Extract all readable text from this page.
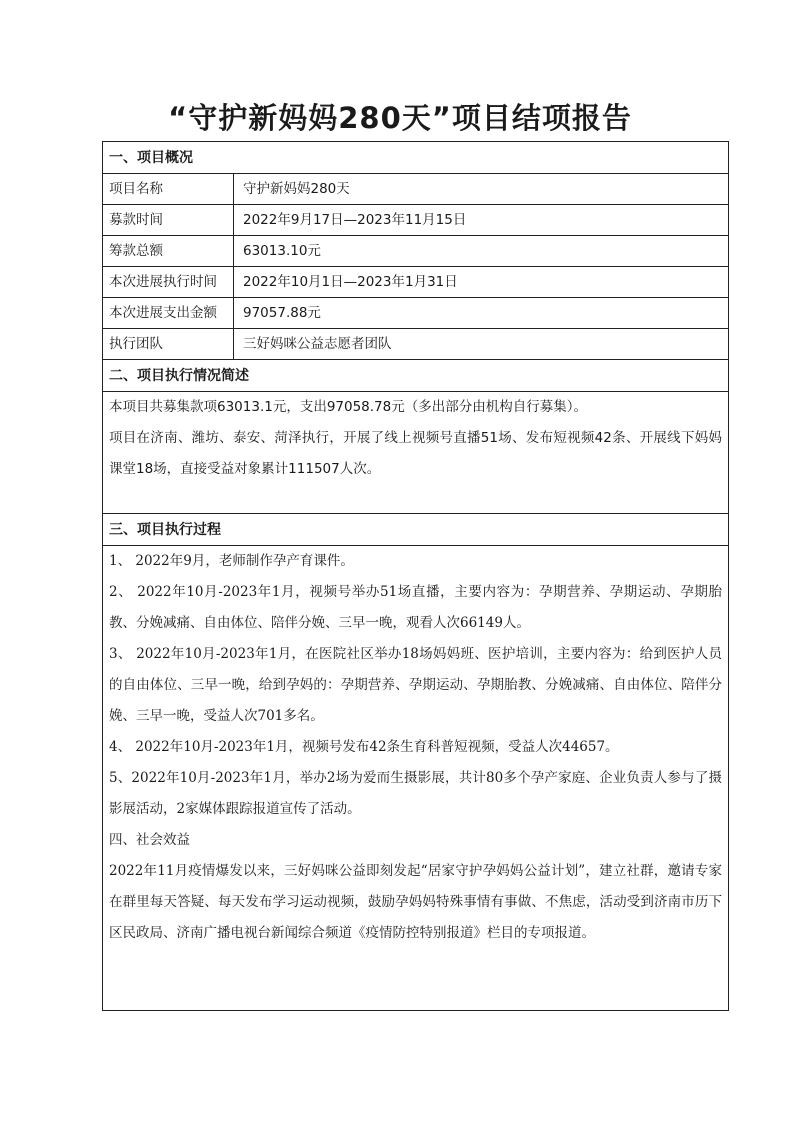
“守护新妈妈280天”项目结项报告
一、项目概况
项目名称	守护新妈妈280天
募款时间	2022年9月17日—2023年11月15日
筹款总额	63013.10元
本次进展执行时间	2022年10月1日—2023年1月31日
本次进展支出金额	97057.88元
执行团队	三好妈咪公益志愿者团队
二、项目执行情况简述

本项目共募集款项63013.1元，支出97058.78元（多出部分由机构自行募集）。

项目在济南、潍坊、泰安、菏泽执行，开展了线上视频号直播51场、发布短视频42条、开展线下妈妈课堂18场，直接受益对象累计111507人次。

三、项目执行过程

1、 2022年9月，老师制作孕产育课件。

2、 2022年10月-2023年1月，视频号举办51场直播，主要内容为：孕期营养、孕期运动、孕期胎教、分娩减痛、自由体位、陪伴分娩、三早一晚，观看人次66149人。

3、 2022年10月-2023年1月，在医院社区举办18场妈妈班、医护培训，主要内容为：给到医护人员的自由体位、三早一晚，给到孕妈的：孕期营养、孕期运动、孕期胎教、分娩减痛、自由体位、陪伴分娩、三早一晚，受益人次701多名。

4、 2022年10月-2023年1月，视频号发布42条生育科普短视频，受益人次44657。

5、2022年10月-2023年1月，举办2场为爱而生摄影展，共计80多个孕产家庭、企业负责人参与了摄影展活动，2家媒体跟踪报道宣传了活动。

四、社会效益

2022年11月疫情爆发以来，三好妈咪公益即刻发起“居家守护孕妈妈公益计划”，建立社群，邀请专家在群里每天答疑、每天发布学习运动视频，鼓励孕妈妈特殊事情有事做、不焦虑，活动受到济南市历下区民政局、济南广播电视台新闻综合频道《疫情防控特别报道》栏目的专项报道。
